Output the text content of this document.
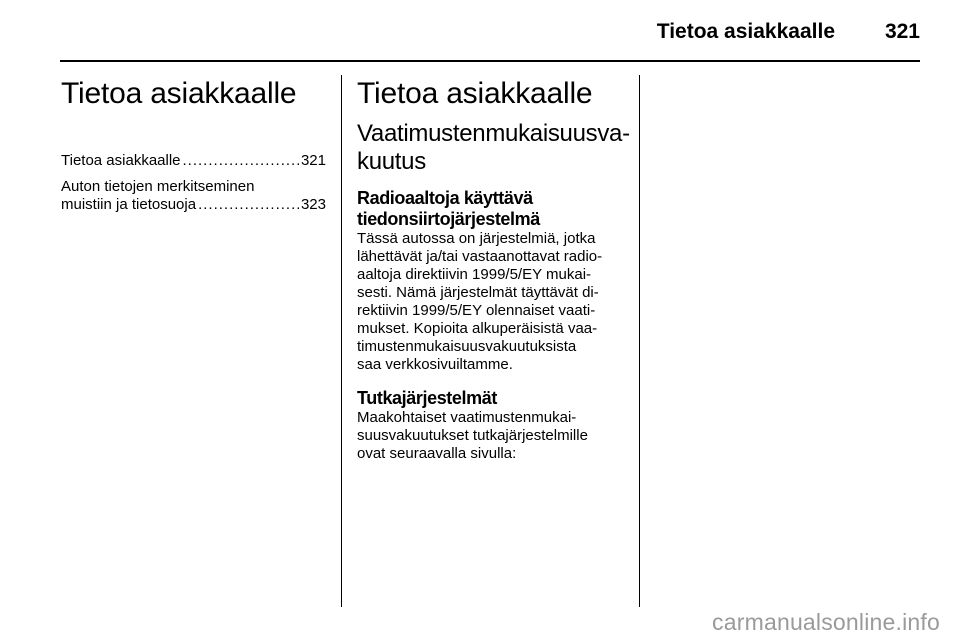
Tietoa asiakkaalle 321
Tietoa asiakkaalle
Tietoa asiakkaalle .....	321
Auton tietojen merkitseminen
muistiin ja tietosuoja .....	323
Tietoa asiakkaalle
Vaatimustenmukaisuusva-
kuutus
Radioaaltoja käyttävä
tiedonsiirtojärjestelmä

Tässä autossa on järjestelmiä, jotka
lähettävät ja/tai vastaanottavat radio-
aaltoja direktiivin 1999/5/EY mukai-
sesti. Nämä järjestelmät täyttävät di-
rektiivin 1999/5/EY olennaiset vaati-
mukset. Kopioita alkuperäisistä vaa-
timustenmukaisuusvakuutuksista
saa verkkosivuiltamme.

Tutkajärjestelmät

Maakohtaiset vaatimustenmukai-
suusvakuutukset tutkajärjestelmille
ovat seuraavalla sivulla:

carmanualsonline.info
